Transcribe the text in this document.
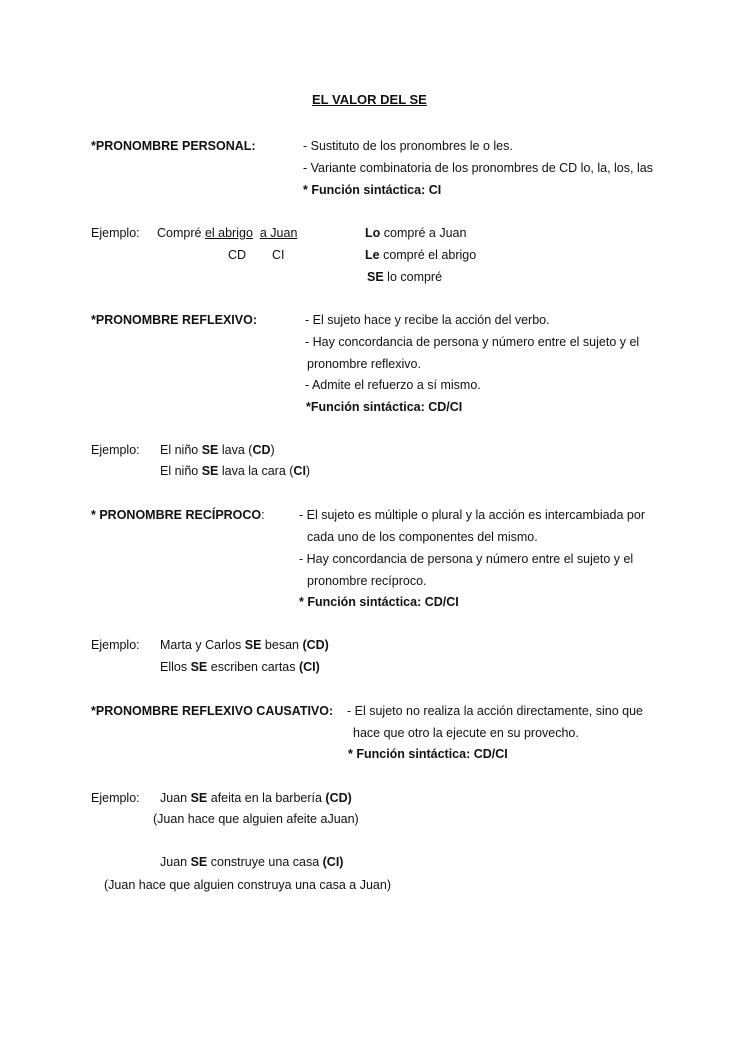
EL VALOR DEL SE
*PRONOMBRE PERSONAL:	- Sustituto de los pronombres le o les.
- Variante combinatoria de los pronombres de CD lo, la, los, las
* Función sintáctica: CI
Ejemplo: Compré el abrigo a Juan
CD CI
Lo compré a Juan
Le compré el abrigo
SE lo compré
*PRONOMBRE REFLEXIVO:	- El sujeto hace y recibe la acción del verbo.
- Hay concordancia de persona y número entre el sujeto y el
pronombre reflexivo.
- Admite el refuerzo a sí mismo.
*Función sintáctica: CD/CI
Ejemplo: El niño SE lava (CD)
El niño SE lava la cara (CI)
* PRONOMBRE RECÍPROCO:	- El sujeto es múltiple o plural y la acción es intercambiada por
cada uno de los componentes del mismo.
- Hay concordancia de persona y número entre el sujeto y el
pronombre recíproco.
* Función sintáctica: CD/CI
Ejemplo: Marta y Carlos SE besan (CD)
Ellos SE escriben cartas (CI)
*PRONOMBRE REFLEXIVO CAUSATIVO: - El sujeto no realiza la acción directamente, sino que
hace que otro la ejecute en su provecho.
* Función sintáctica: CD/CI
Ejemplo: Juan SE afeita en la barbería (CD)
(Juan hace que alguien afeite aJuan)
Juan SE construye una casa (CI)
(Juan hace que alguien construya una casa a Juan)
